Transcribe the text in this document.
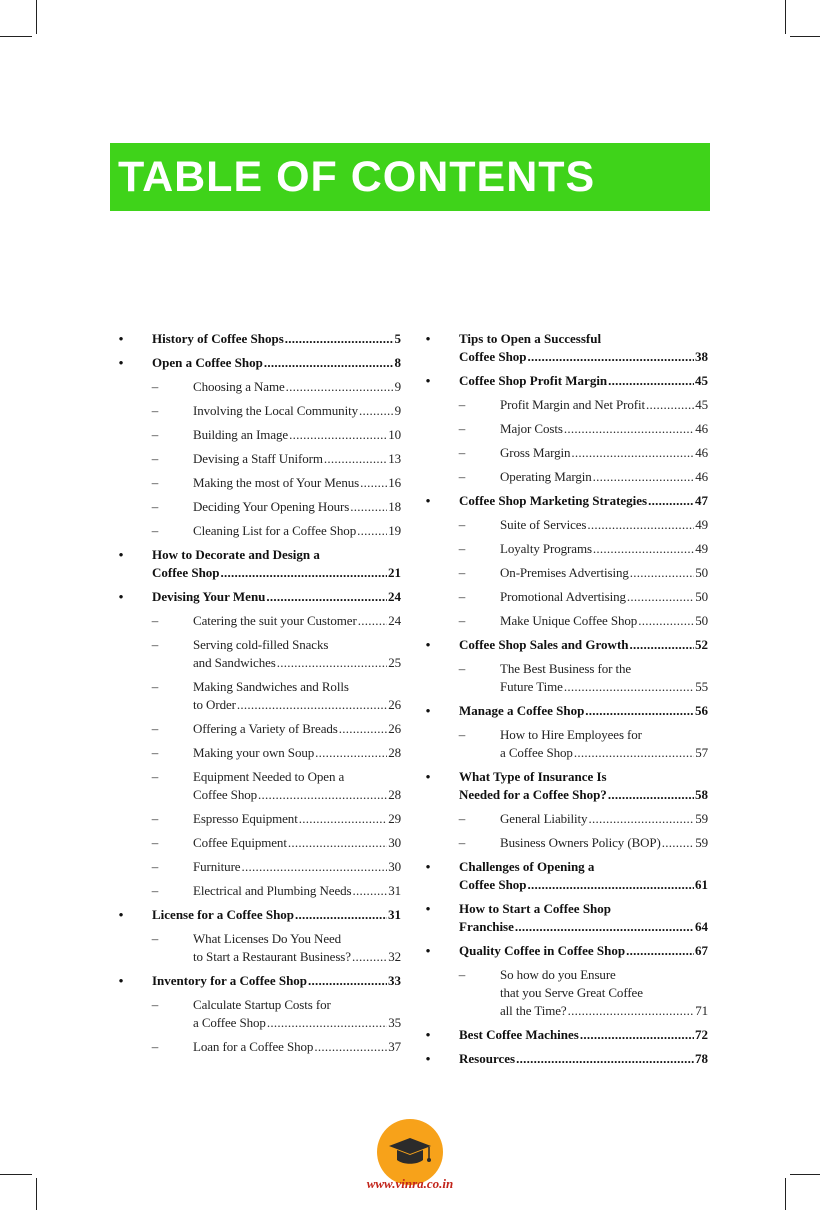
TABLE OF CONTENTS
•	History of Coffee Shops . . .	5
•	Open a Coffee Shop . . .	8
–	Choosing a Name . . .	9
–	Involving the Local Community . . .	9
–	Building an Image . . .	10
–	Devising a Staff Uniform . . .	13
–	Making the most of Your Menus . . . 16
–	Deciding Your Opening Hours . . .	18
–	Cleaning List for a Coffee Shop . . . 19
•	How to Decorate and Design a
Coffee Shop . . .	21
•	Devising Your Menu . . .	24
–	Catering the suit your Customer . . . 24
–	Serving cold-filled Snacks
and Sandwiches . . .	25
–	Making Sandwiches and Rolls
to Order . . .	26
–	Offering a Variety of Breads . . .	26
–	Making your own Soup . . .	28
–	Equipment Needed to Open a
Coffee Shop . . .	28
–	Espresso Equipment . . .	29
–	Coffee Equipment . . .	30
–	Furniture . . .	30
–	Electrical and Plumbing Needs . . .	31
•	License for a Coffee Shop . . .	31
–	What Licenses Do You Need
to Start a Restaurant Business? . . .	32
•	Inventory for a Coffee Shop . . .	33
–	Calculate Startup Costs for
a Coffee Shop . . .	35
–	Loan for a Coffee Shop . . .	37
•	Tips to Open a Successful
Coffee Shop . . .	38
•	Coffee Shop Profit Margin . . .	45
–	Profit Margin and Net Profit . . .	45
–	Major Costs . . .	46
–	Gross Margin . . .	46
–	Operating Margin . . .	46
•	Coffee Shop Marketing Strategies . . .	47
–	Suite of Services . . .	49
–	Loyalty Programs . . .	49
–	On-Premises Advertising . . .	50
–	Promotional Advertising . . .	50
–	Make Unique Coffee Shop . . .	50
•	Coffee Shop Sales and Growth . . .	52
–	The Best Business for the
Future Time . . .	55
•	Manage a Coffee Shop . . .	56
–	How to Hire Employees for
a Coffee Shop . . .	57
•	What Type of Insurance Is
Needed for a Coffee Shop? . . .	58
–	General Liability . . .	59
–	Business Owners Policy (BOP) . . .	59
•	Challenges of Opening a
Coffee Shop . . .	61
•	How to Start a Coffee Shop
Franchise . . .	64
•	Quality Coffee in Coffee Shop . . .	67
–	So how do you Ensure
that you Serve Great Coffee
all the Time? . . .	71
•	Best Coffee Machines . . .	72
•	Resources . . .	78
www.vinra.co.in
